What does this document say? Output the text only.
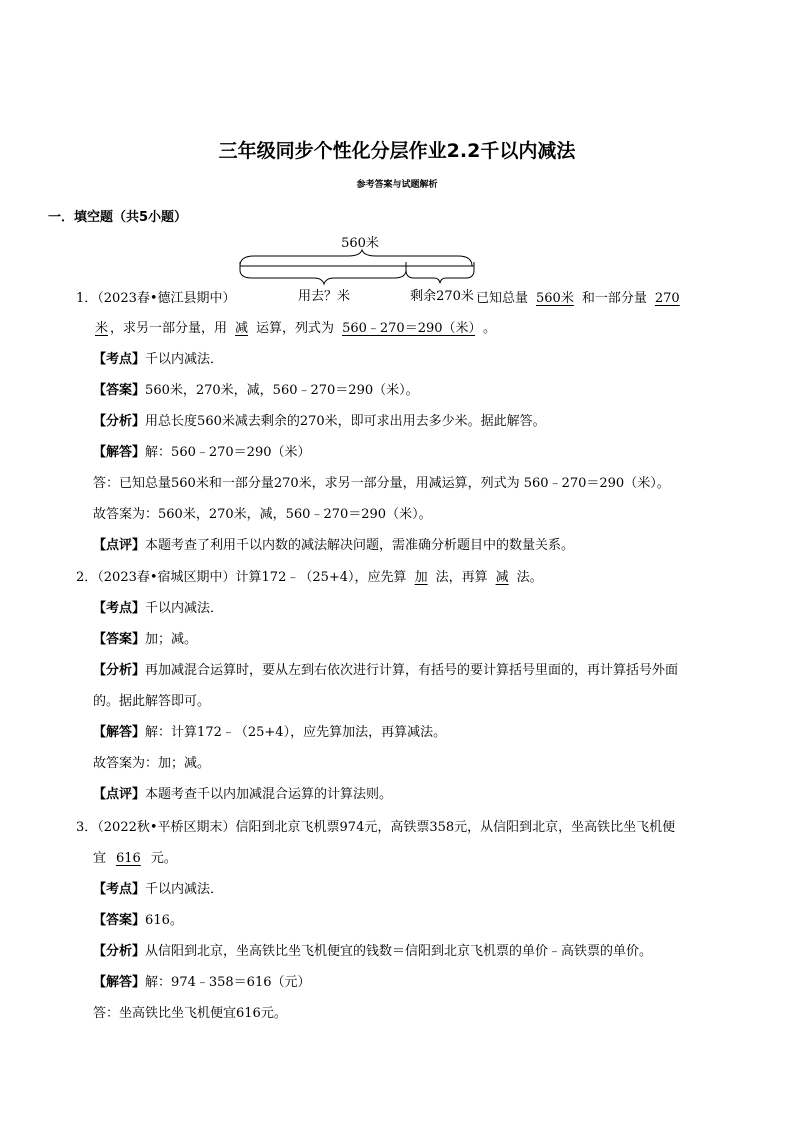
三年级同步个性化分层作业2.2千以内减法
参考答案与试题解析
一．填空题（共5小题）
560米
用去？米	剩余270米
1．（2023春•德江县期中）	已知总量 560米 和一部分量 270
米 ，求另一部分量，用 减 运算，列式为 560﹣270＝290（米） 。
【考点】千以内减法．
【答案】560米，270米，减，560﹣270＝290（米）。
【分析】用总长度560米减去剩余的270米，即可求出用去多少米。据此解答。
【解答】解：560﹣270＝290（米）
答：已知总量560米和一部分量270米，求另一部分量，用减运算，列式为 560﹣270＝290（米）。
故答案为：560米，270米，减，560﹣270＝290（米）。
【点评】本题考查了利用千以内数的减法解决问题，需准确分析题目中的数量关系。
2．（2023春•宿城区期中）计算172﹣（25+4），应先算 加 法，再算 减 法。
【考点】千以内减法．
【答案】加；减。
【分析】再加减混合运算时，要从左到右依次进行计算，有括号的要计算括号里面的，再计算括号外面
的。据此解答即可。
【解答】解：计算172﹣（25+4），应先算加法，再算减法。
故答案为：加；减。
【点评】本题考查千以内加减混合运算的计算法则。
3．（2022秋•平桥区期末）信阳到北京飞机票974元，高铁票358元，从信阳到北京，坐高铁比坐飞机便
宜 616 元。
【考点】千以内减法．
【答案】616。
【分析】从信阳到北京，坐高铁比坐飞机便宜的钱数＝信阳到北京飞机票的单价﹣高铁票的单价。
【解答】解：974﹣358＝616（元）
答：坐高铁比坐飞机便宜616元。
